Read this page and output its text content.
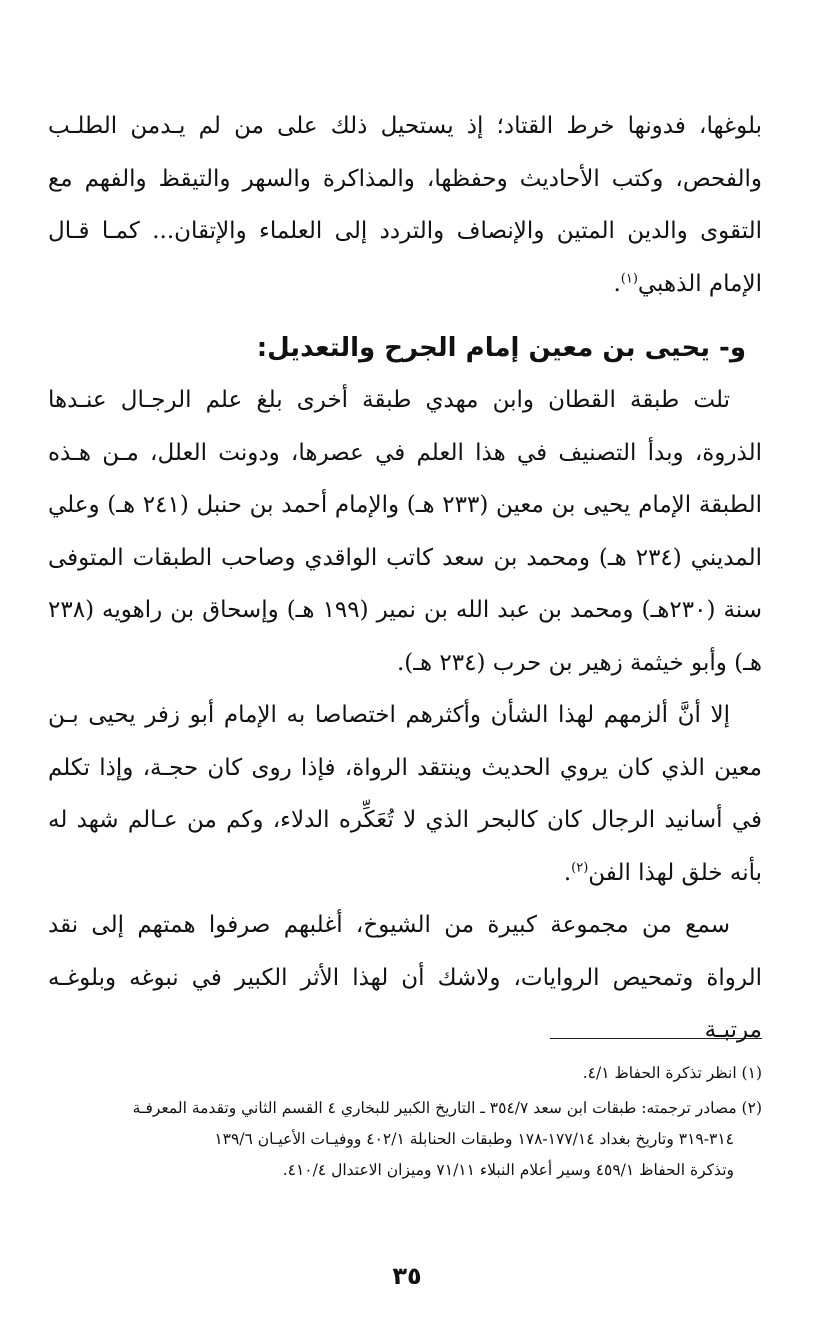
بلوغها، فدونها خرط القتاد؛ إذ يستحيل ذلك على من لم يـدمن الطلـب والفحص، وكتب الأحاديث وحفظها، والمذاكرة والسهر والتيقظ والفهم مع التقوى والدين المتين والإنصاف والتردد إلى العلماء والإتقان... كمـا قـال الإمام الذهبي$^{(١)}$.

و- يحيى بن معين إمام الجرح والتعديل:

تلت طبقة القطان وابن مهدي طبقة أخرى بلغ علم الرجـال عنـدها الذروة، وبدأ التصنيف في هذا العلم في عصرها، ودونت العلل، مـن هـذه الطبقة الإمام يحيى بن معين (٢٣٣ هـ) والإمام أحمد بن حنبل (٢٤١ هـ) وعلي المديني (٢٣٤ هـ) ومحمد بن سعد كاتب الواقدي وصاحب الطبقات المتوفى سنة (٢٣٠هـ) ومحمد بن عبد الله بن نمير (١٩٩ هـ) وإسحاق بن راهويه (٢٣٨ هـ) وأبو خيثمة زهير بن حرب (٢٣٤ هـ).

إلا أنَّ ألزمهم لهذا الشأن وأكثرهم اختصاصا به الإمام أبو زفر يحيى بـن معين الذي كان يروي الحديث وينتقد الرواة، فإذا روى كان حجـة، وإذا تكلم في أسانيد الرجال كان كالبحر الذي لا تُعَكِّره الدلاء، وكم من عـالم شهد له بأنه خلق لهذا الفن$^{(٢)}$.

سمع من مجموعة كبيرة من الشيوخ، أغلبهم صرفوا همتهم إلى نقد الرواة وتمحيص الروايات، ولاشك أن لهذا الأثر الكبير في نبوغه وبلوغـه مرتبـة

(١) انظر تذكرة الحفاظ ٤/١.

(٢) مصادر ترجمته: طبقات ابن سعد ٣٥٤/٧ ـ التاريخ الكبير للبخاري ٤ القسم الثاني وتقدمة المعرفـة
٣١٤-٣١٩ وتاريخ بغداد ١٧٧/١٤-١٧٨ وطبقات الحنابلة ٤٠٢/١ ووفيـات الأعيـان ١٣٩/٦
وتذكرة الحفاظ ٤٥٩/١ وسير أعلام النبلاء ٧١/١١ وميزان الاعتدال ٤١٠/٤.

٣٥
